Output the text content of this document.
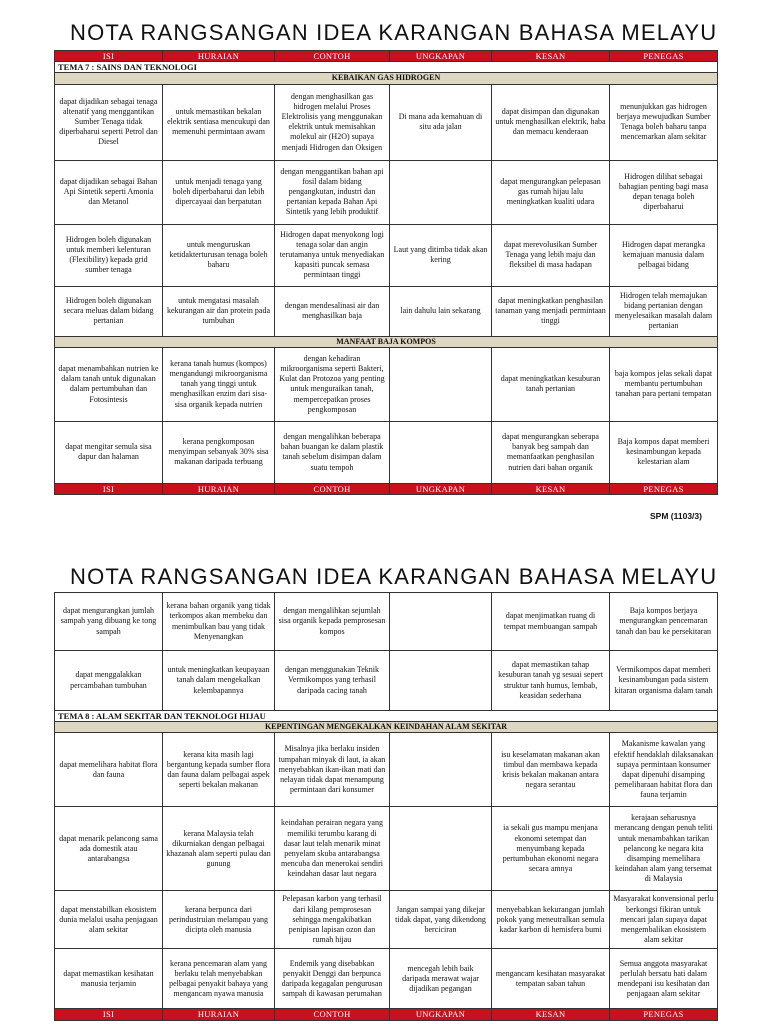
NOTA RANGSANGAN IDEA KARANGAN BAHASA MELAYU
ISI	HURAIAN	CONTOH	UNGKAPAN	KESAN	PENEGAS
TEMA 7 : SAINS DAN TEKNOLOGI					
KEBAIKAN GAS HIDROGEN					
dapat dijadikan sebagai tenaga altenatif yang menggantikan Sumber Tenaga tidak diperbaharui seperti Petrol dan Diesel	untuk memastikan bekalan elektrik sentiasa mencukupi dan memenuhi permintaan awam	dengan menghasilkan gas hidrogen melalui Proses Elektrolisis yang menggunakan elektrik untuk memisahkan molekul air (H2O) supaya menjadi Hidrogen dan Oksigen	Di mana ada kemahuan di situ ada jalan	dapat disimpan dan digunakan untuk menghasilkan elektrik, haba dan memacu kenderaan	menunjukkan gas hidrogen berjaya mewujudkan Sumber Tenaga boleh baharu tanpa mencemarkan alam sekitar
dapat dijadikan sebagai Bahan Api Sintetik seperti Amonia dan Metanol	untuk menjadi tenaga yang boleh diperbaharui dan lebih dipercayaai dan berpatutan	dengan menggantikan bahan api fosil dalam bidang pengangkutan, industri dan pertanian kepada Bahan Api Sintetik yang lebih produktif		dapat mengurangkan pelepasan gas rumah hijau lalu meningkatkan kualiti udara	Hidrogen dilihat sebagai bahagian penting bagi masa depan tenaga boleh diperbaharui
Hidrogen boleh digunakan untuk memberi kelenturan (Flexibility) kepada grid sumber tenaga	untuk menguruskan ketidakterturusan tenaga boleh baharu	Hidrogen dapat menyokong logi tenaga solar dan angin terutamanya untuk menyediakan kapasiti puncak semasa permintaan tinggi	Laut yang ditimba tidak akan kering	dapat merevolusikan Sumber Tenaga yang lebih maju dan fleksibel di masa hadapan	Hidrogen dapat merangka kemajuan manusia dalam pelbagai bidang
Hidrogen boleh digunakan secara meluas dalam bidang pertanian	untuk mengatasi masalah kekurangan air dan protein pada tumbuhan	dengan mendesalinasi air dan menghasilkan baja	lain dahulu lain sekarang	dapat meningkatkan penghasilan tanaman yang menjadi permintaan tinggi	Hidrogen telah memajukan bidang pertanian dengan menyelesaikan masalah dalam pertanian
MANFAAT BAJA KOMPOS					
dapat menambahkan nutrien ke dalam tanah untuk digunakan dalam pertumbuhan dan Fotosintesis	kerana tanah humus (kompos) mengandungi mikroorganisma tanah yang tinggi untuk menghasilkan enzim dari sisa-sisa organik kepada nutrien	dengan kehadiran mikroorganisma seperti Bakteri, Kulat dan Protozoa yang penting untuk menguraikan tanah, mempercepatkan proses pengkomposan		dapat meningkatkan kesuburan tanah pertanian	baja kompos jelas sekali dapat membantu pertumbuhan tanahan para pertani tempatan
dapat mengitar semula sisa dapur dan halaman	kerana pengkomposan menyimpan sebanyak 30% sisa makanan daripada terbuang	dengan mengalihkan beberapa bahan buangan ke dalam plastik tanah sebelum disimpan dalam suatu tempoh		dapat mengurangkan seberapa banyak beg sampah dan memanfaatkan penghasilan nutrien dari bahan organik	Baja kompos dapat memberi kesinambungan kepada kelestarian alam
ISI	HURAIAN	CONTOH	UNGKAPAN	KESAN	PENEGAS
SPM (1103/3)
NOTA RANGSANGAN IDEA KARANGAN BAHASA MELAYU
dapat mengurangkan jumlah sampah yang dibuang ke tong sampah	kerana bahan organik yang tidak terkompos akan membeku dan menimbulkan bau yang tidak Menyenangkan	dengan mengalihkan sejumlah sisa organik kepada pemprosesan kompos		dapat menjimatkan ruang di tempat membuangan sampah	Baja kompos berjaya mengurangkan pencemaran tanah dan bau ke persekitaran
dapat menggalakkan percambahan tumbuhan	untuk meningkatkan keupayaan tanah dalam mengekalkan kelembapannya	dengan menggunakan Teknik Vermikompos yang terhasil daripada cacing tanah		dapat memastikan tahap kesuburan tanah yg sesuai sepert struktur tanh humus, lembab, keasidan sederhana	Vermikompos dapat memberi kesinambungan pada sistem kitaran organisma dalam tanah
TEMA 8 : ALAM SEKITAR DAN TEKNOLOGI HIJAU					
KEPENTINGAN MENGEKALKAN KEINDAHAN ALAM SEKITAR					
dapat memelihara habitat flora dan fauna	kerana kita masih lagi bergantung kepada sumber flora dan fauna dalam pelbagai aspek seperti bekalan makanan	Misalnya jika berlaku insiden tumpahan minyak di laut, ia akan menyebabkan ikan-ikan mati dan nelayan tidak dapat menampung permintaan dari konsumer		isu keselamatan makanan akan timbul dan membawa kepada krisis bekalan makanan antara negara serantau	Makanisme kawalan yang efektif hendaklah dilaksanakan supaya permintaan konsumer dapat dipenuhi disamping pemeliharaan habitat flora dan fauna terjamin
dapat menarik pelancong sama ada domestik atau antarabangsa	kerana Malaysia telah dikurniakan dengan pelbagai khazanah alam seperti pulau dan gunung	keindahan perairan negara yang memiliki terumbu karang di dasar laut telah menarik minat penyelam skuba antarabangsa mencuba dan menerokai sendiri keindahan dasar laut negara		ia sekali gus mampu menjana ekonomi setempat dan menyumbang kepada pertumbuhan ekonomi negara secara amnya	kerajaan seharusnya merancang dengan penuh teliti untuk menambahkan tarikan pelancong ke negara kita disamping memelihara keindahan alam yang tersemat di Malaysia
dapat menstabilkan ekosistem dunia melalui usaha penjagaan alam sekitar	kerana berpunca dari perindustruian melampau yang dicipta oleh manusia	Pelepasan karbon yang terhasil dari kilang pemprosesan sehingga mengakibatkan penipisan lapisan ozon dan rumah hijau	Jangan sampai yang dikejar tidak dapat, yang dikendong berciciran	menyebabkan kekurangan jumlah pokok yang meneutralkan semula kadar karbon di hemisfera bumi	Masyarakat konvensional perlu berkongsi fikiran untuk mencari jalan supaya dapat mengembalikan ekosistem alam sekitar
dapat memastikan kesihatan manusia terjamin	kerana pencemaran alam yang berlaku telah menyebabkan pelbagai penyakit bahaya yang mengancam nyawa manusia	Endemik yang disebabkan penyakit Denggi dan berpunca daripada kegagalan pengurusan sampah di kawasan perumahan	mencegah lebih baik daripada merawat wajar dijadikan pegangan	mengancam kesihatan masyarakat tempatan saban tahun	Semua anggota masyarakat perlulah bersatu hati dalam mendepani isu kesihatan dan penjagaan alam sekitar
ISI	HURAIAN	CONTOH	UNGKAPAN	KESAN	PENEGAS
